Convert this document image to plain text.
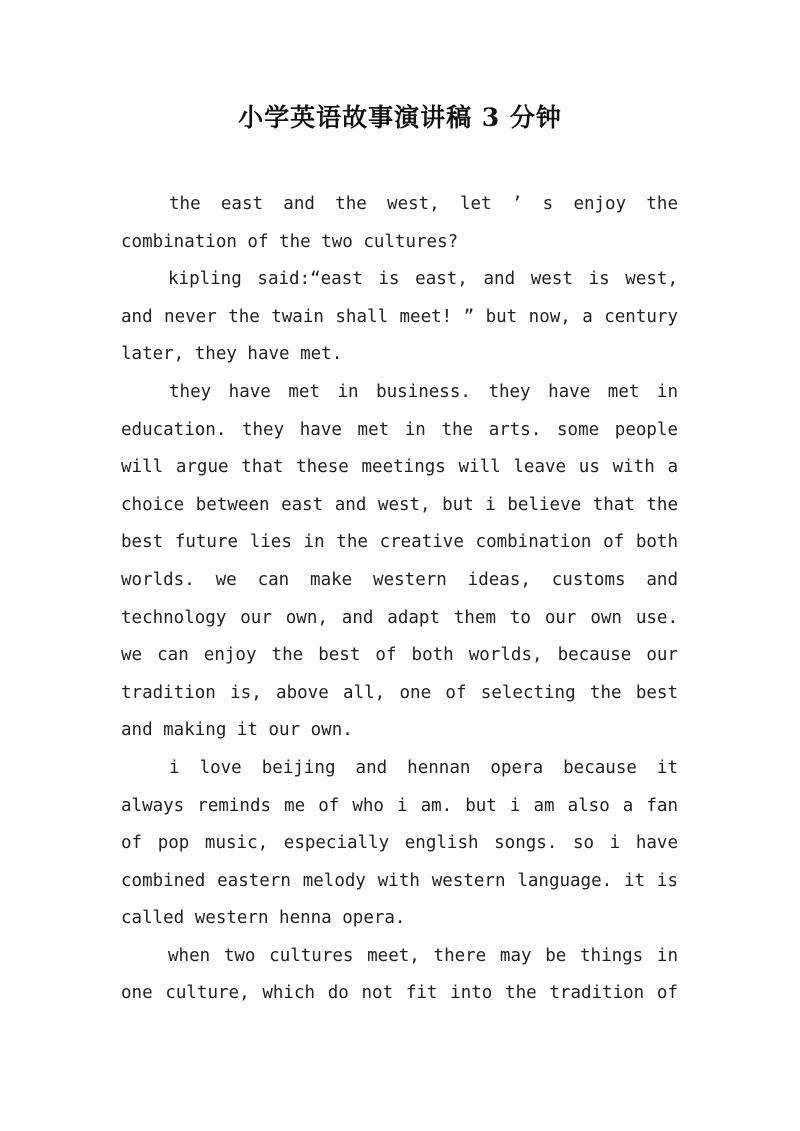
小学英语故事演讲稿 3 分钟

the east and the west, let ’ s enjoy the combination of the two cultures?

kipling said:“east is east, and west is west, and never the twain shall meet! ” but now, a century later, they have met.

they have met in business. they have met in education. they have met in the arts. some people will argue that these meetings will leave us with a choice between east and west, but i believe that the best future lies in the creative combination of both worlds. we can make western ideas, customs and technology our own, and adapt them to our own use. we can enjoy the best of both worlds, because our tradition is, above all, one of selecting the best and making it our own.

i love beijing and hennan opera because it always reminds me of who i am. but i am also a fan of pop music, especially english songs. so i have combined eastern melody with western language. it is called western henna opera.

when two cultures meet, there may be things in one culture, which do not fit into the tradition of
